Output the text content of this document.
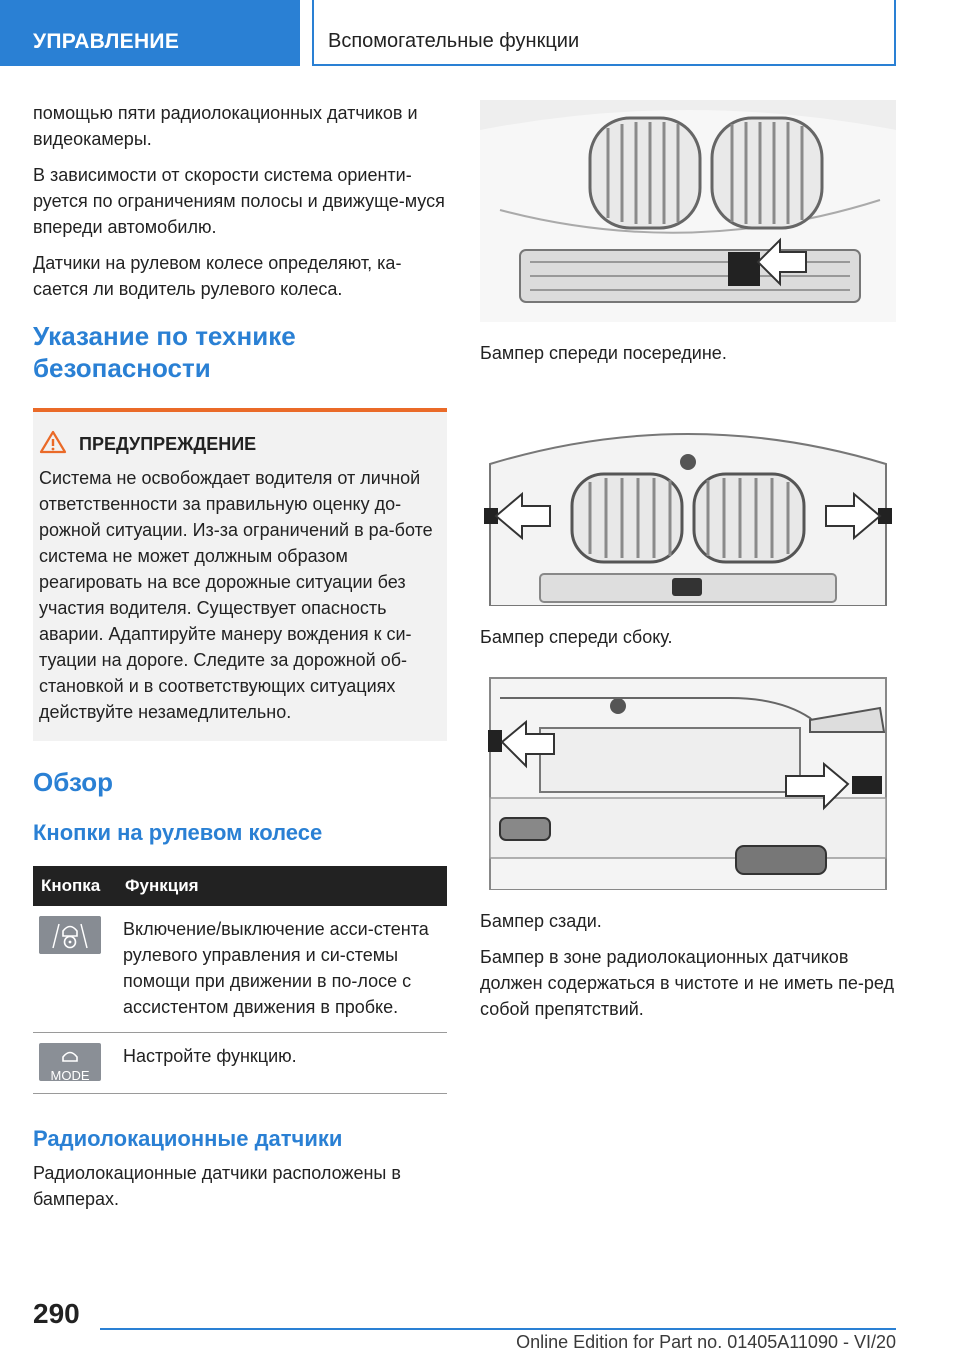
УПРАВЛЕНИЕ	Вспомогательные функции

помощью пяти радиолокационных датчиков и видеокамеры.

В зависимости от скорости система ориенти-руется по ограничениям полосы и движуще-муся впереди автомобилю.

Датчики на рулевом колесе определяют, ка-сается ли водитель рулевого колеса.

Указание по технике безопасности
ПРЕДУПРЕЖДЕНИЕ

Система не освобождает водителя от личной ответственности за правильную оценку до-рожной ситуации. Из-за ограничений в ра-боте система не может должным образом реагировать на все дорожные ситуации без участия водителя. Существует опасность аварии. Адаптируйте манеру вождения к си-туации на дороге. Следите за дорожной об-становкой и в соответствующих ситуациях действуйте незамедлительно.

Обзор
Кнопки на рулевом колесе
Кнопка	Функция

	Включение/выключение асси-стента рулевого управления и си-стемы помощи при движении в по-лосе с ассистентом движения в пробке.

MODE	Настройте функцию.
Радиолокационные датчики

Радиолокационные датчики расположены в бамперах.

Бампер спереди посередине.

Бампер спереди сбоку.

Бампер сзади.

Бампер в зоне радиолокационных датчиков должен содержаться в чистоте и не иметь пе-ред собой препятствий.

290
Online Edition for Part no. 01405A11090 - VI/20
